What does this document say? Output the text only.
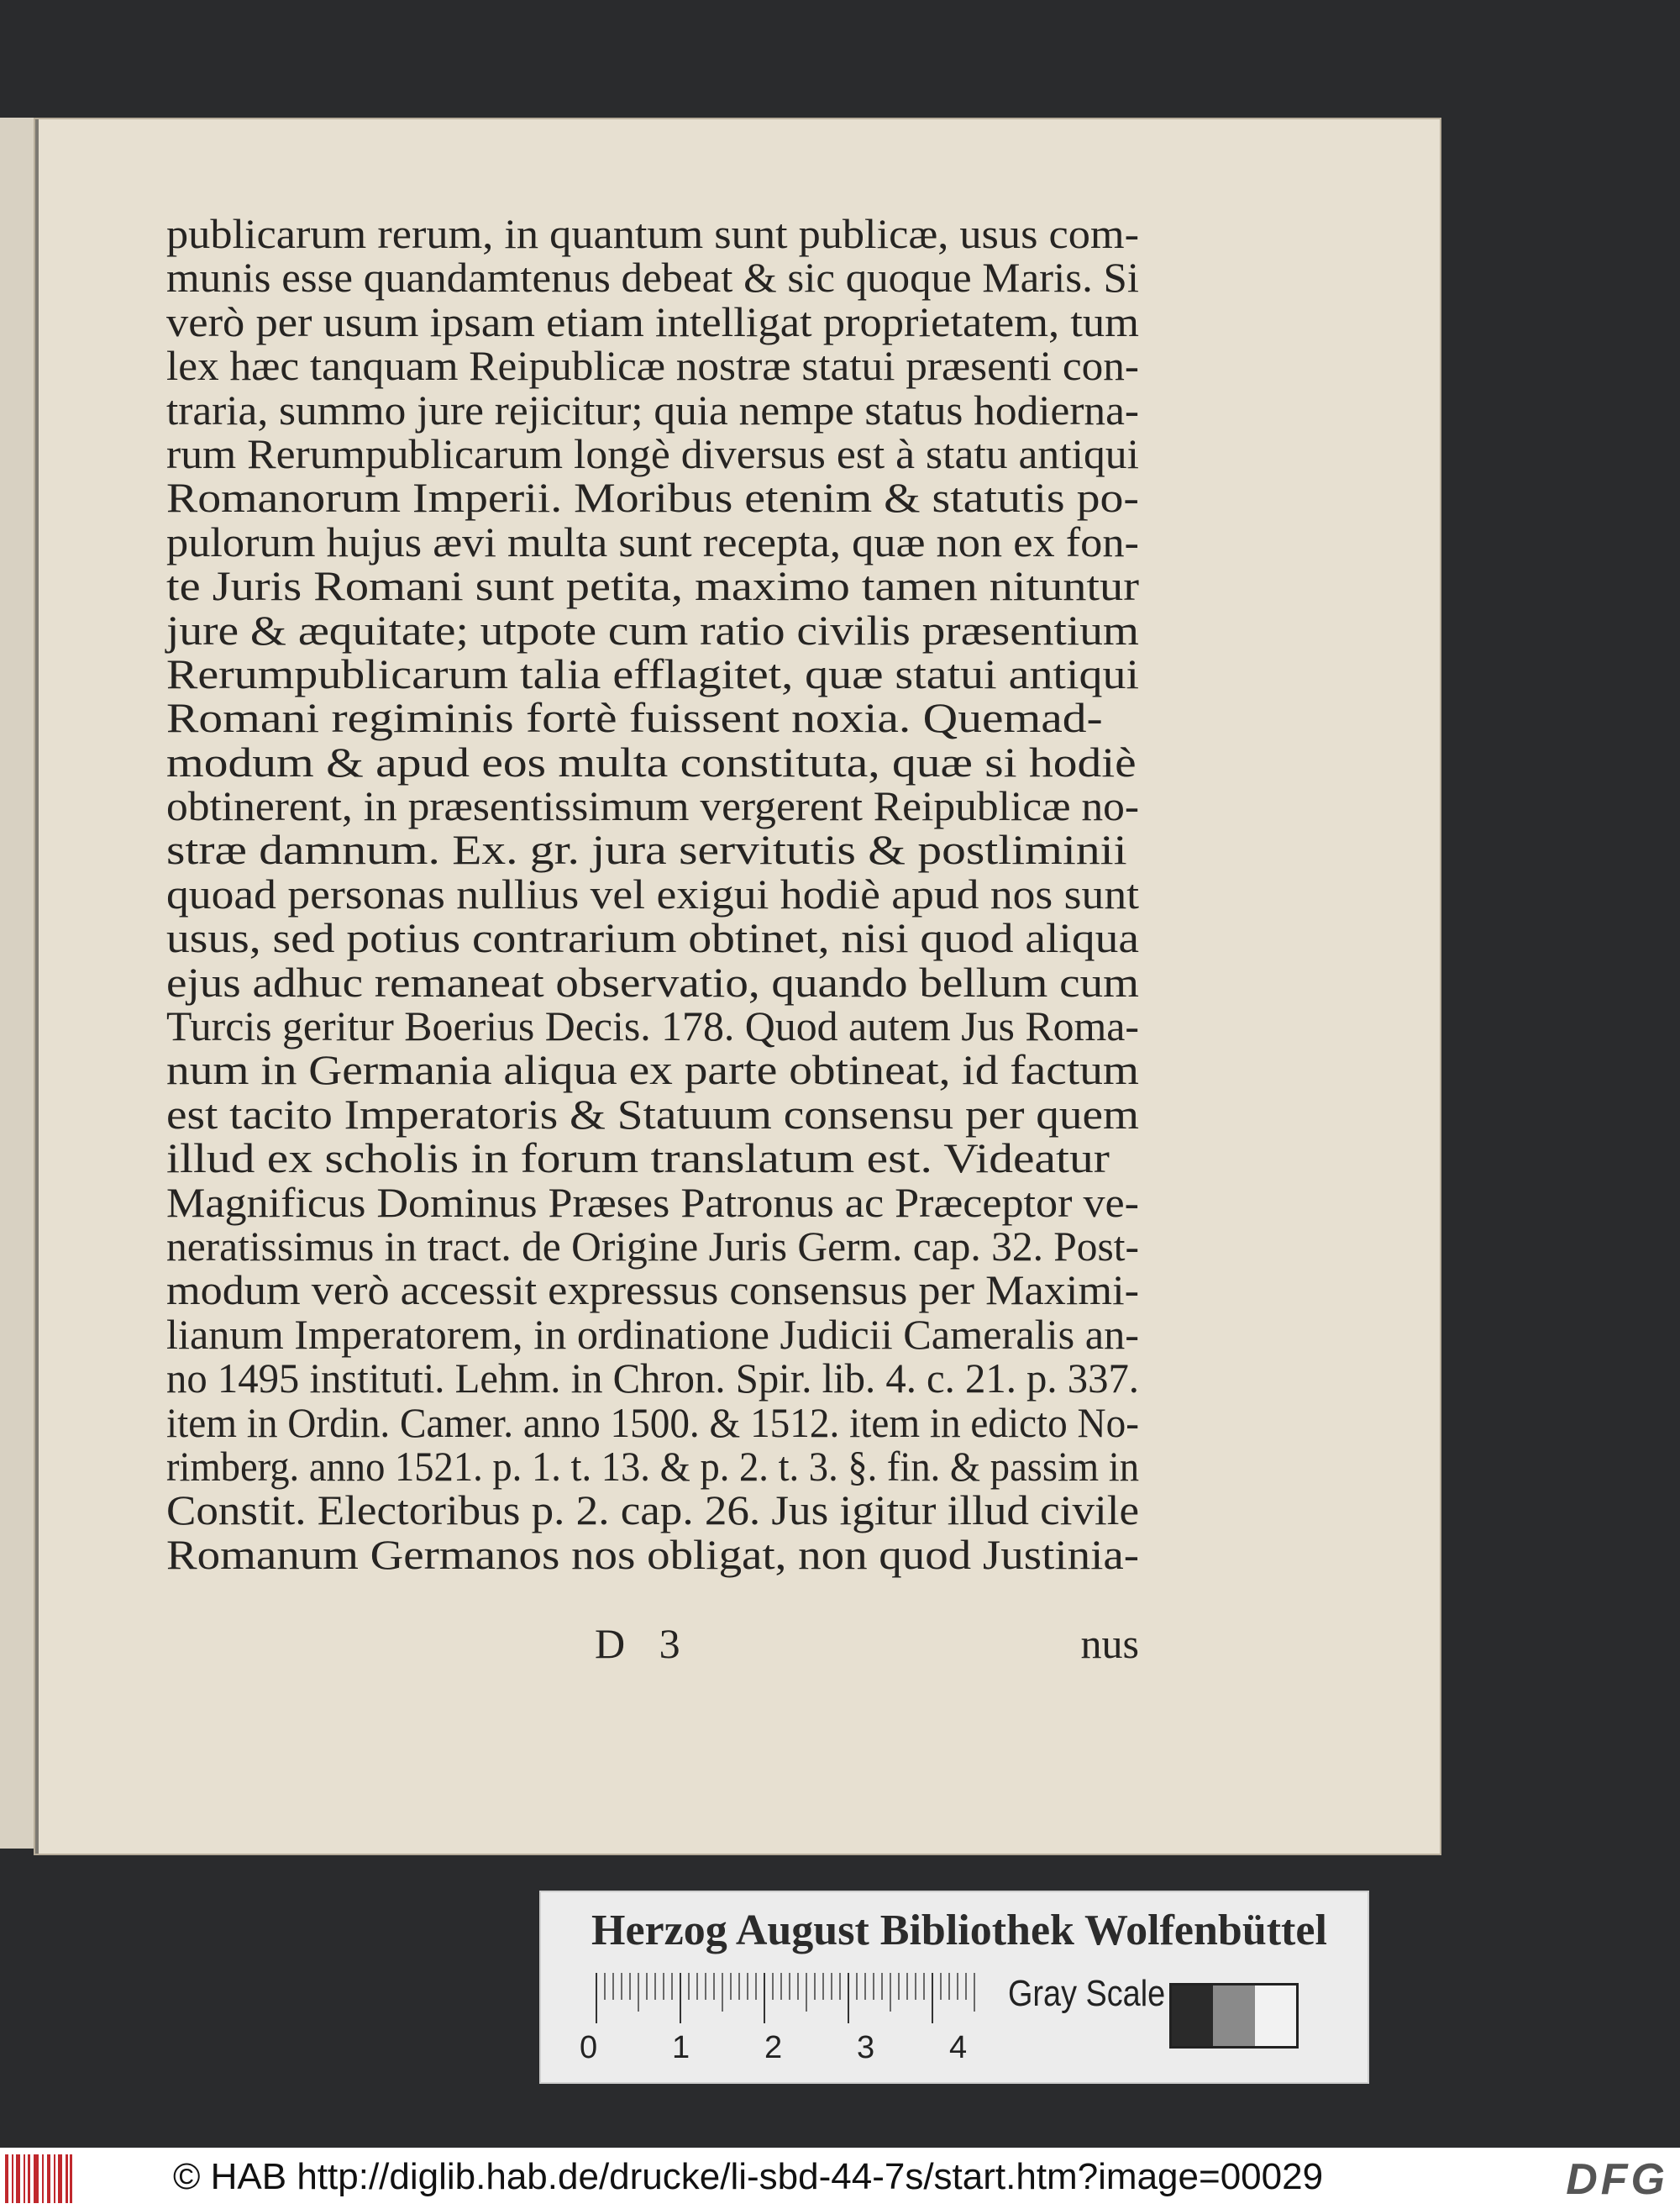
publicarum rerum, in quantum sunt publicæ, usus com-
munis esse quandamtenus debeat & sic quoque Maris. Si
verò per usum ipsam etiam intelligat proprietatem, tum
lex hæc tanquam Reipublicæ nostræ statui præsenti con-
traria, summo jure rejicitur; quia nempe status hodierna-
rum Rerumpublicarum longè diversus est à statu antiqui
Romanorum Imperii. Moribus etenim & statutis po-
pulorum hujus ævi multa sunt recepta, quæ non ex fon-
te Juris Romani sunt petita, maximo tamen nituntur
jure & æquitate; utpote cum ratio civilis præsentium
Rerumpublicarum talia efflagitet, quæ statui antiqui
Romani regiminis fortè fuissent noxia. Quemad-
modum & apud eos multa constituta, quæ si hodiè
obtinerent, in præsentissimum vergerent Reipublicæ no-
stræ damnum. Ex. gr. jura servitutis & postliminii
quoad personas nullius vel exigui hodiè apud nos sunt
usus, sed potius contrarium obtinet, nisi quod aliqua
ejus adhuc remaneat observatio, quando bellum cum
Turcis geritur Boerius Decis. 178. Quod autem Jus Roma-
num in Germania aliqua ex parte obtineat, id factum
est tacito Imperatoris & Statuum consensu per quem
illud ex scholis in forum translatum est. Videatur
Magnificus Dominus Præses Patronus ac Præceptor ve-
neratissimus in tract. de Origine Juris Germ. cap. 32. Post-
modum verò accessit expressus consensus per Maximi-
lianum Imperatorem, in ordinatione Judicii Cameralis an-
no 1495 instituti. Lehm. in Chron. Spir. lib. 4. c. 21. p. 337.
item in Ordin. Camer. anno 1500. & 1512. item in edicto No-
rimberg. anno 1521. p. 1. t. 13. & p. 2. t. 3. §. fin. & passim in
Constit. Electoribus p. 2. cap. 26. Jus igitur illud civile
Romanum Germanos nos obligat, non quod Justinia-
D 3	nus
Herzog August Bibliothek Wolfenbüttel
0 1 2 3 4
Gray Scale
© HAB http://diglib.hab.de/drucke/li-sbd-44-7s/start.htm?image=00029	DFG
